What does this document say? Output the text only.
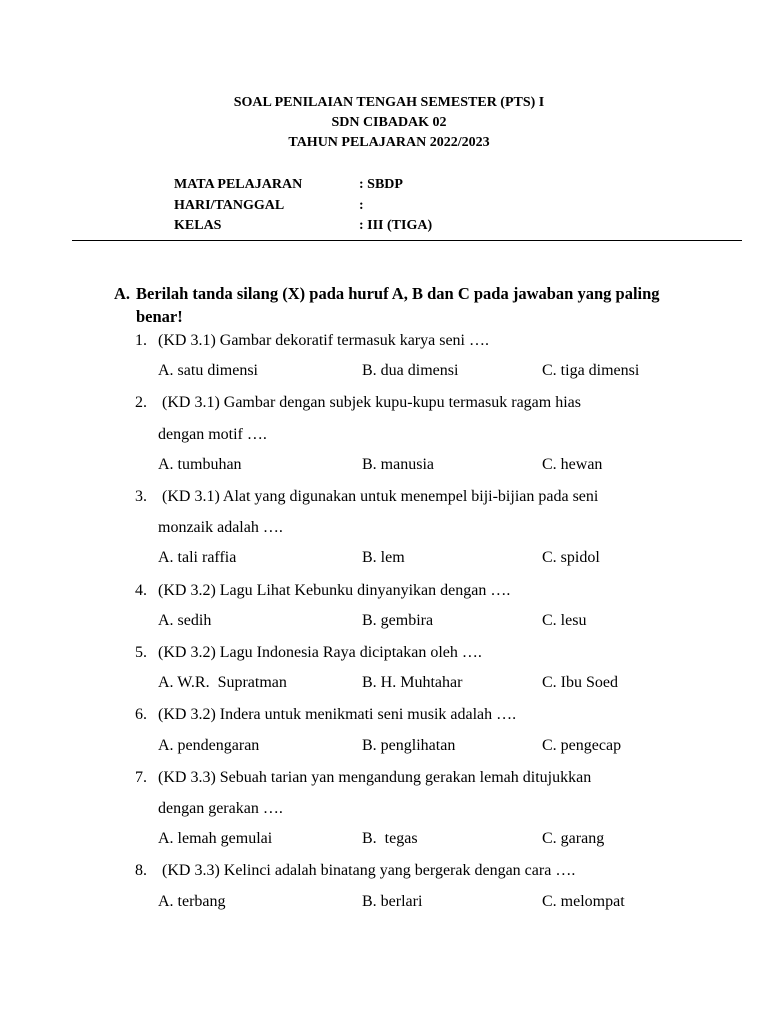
SOAL PENILAIAN TENGAH SEMESTER (PTS) I
SDN CIBADAK 02
TAHUN PELAJARAN 2022/2023
MATA PELAJARAN	: SBDP
HARI/TANGGAL	:
KELAS	: III (TIGA)
A. Berilah tanda silang (X) pada huruf A, B dan C pada jawaban yang paling benar!
1. (KD 3.1) Gambar dekoratif termasuk karya seni ….
A. satu dimensi	B. dua dimensi	C. tiga dimensi
2. (KD 3.1) Gambar dengan subjek kupu-kupu termasuk ragam hias
dengan motif ….
A. tumbuhan	B. manusia	C. hewan
3. (KD 3.1) Alat yang digunakan untuk menempel biji-bijian pada seni
monzaik adalah ….
A. tali raffia	B. lem	C. spidol
4. (KD 3.2) Lagu Lihat Kebunku dinyanyikan dengan ….
A. sedih	B. gembira	C. lesu
5. (KD 3.2) Lagu Indonesia Raya diciptakan oleh ….
A. W.R.  Supratman	B. H. Muhtahar	C. Ibu Soed
6. (KD 3.2) Indera untuk menikmati seni musik adalah ….
A. pendengaran	B. penglihatan	C. pengecap
7. (KD 3.3) Sebuah tarian yan mengandung gerakan lemah ditujukkan
dengan gerakan ….
A. lemah gemulai	B.  tegas	C. garang
8. (KD 3.3) Kelinci adalah binatang yang bergerak dengan cara ….
A. terbang	B. berlari	C. melompat
